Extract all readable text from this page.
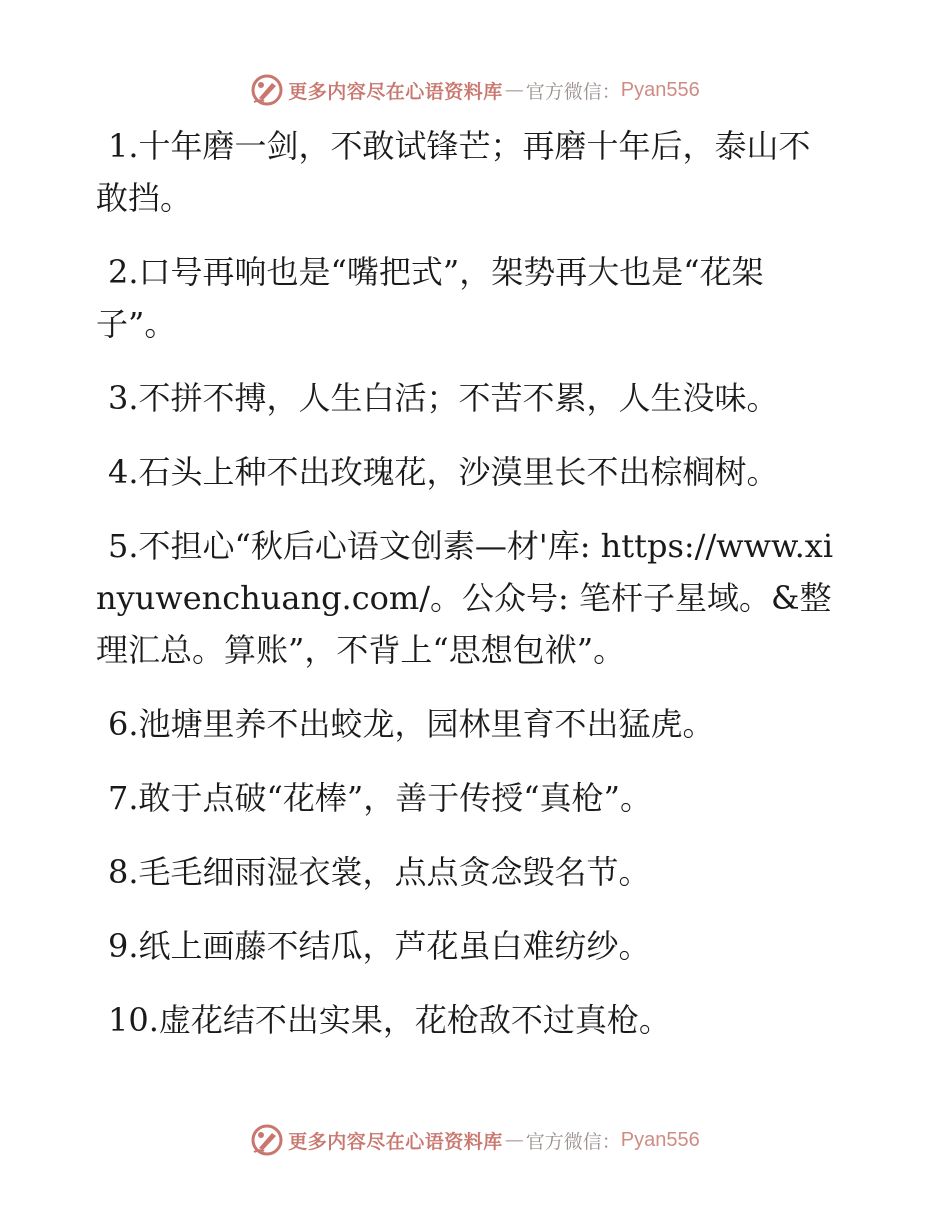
更多内容尽在心语资料库 — 官方微信： Pyan556

1.十年磨一剑，不敢试锋芒；再磨十年后，泰山不敢挡。

2.口号再响也是“嘴把式”，架势再大也是“花架子”。

3.不拼不搏，人生白活；不苦不累，人生没味。

4.石头上种不出玫瑰花，沙漠里长不出棕榈树。

5.不担心“秋后心语文创素—材'库: https://www.xinyuwenchuang.com/。公众号: 笔杆子星域。&整理汇总。算账”，不背上“思想包袱”。

6.池塘里养不出蛟龙，园林里育不出猛虎。

7.敢于点破“花棒”，善于传授“真枪”。

8.毛毛细雨湿衣裳，点点贪念毁名节。

9.纸上画藤不结瓜，芦花虽白难纺纱。

10.虚花结不出实果，花枪敌不过真枪。

更多内容尽在心语资料库 — 官方微信： Pyan556
